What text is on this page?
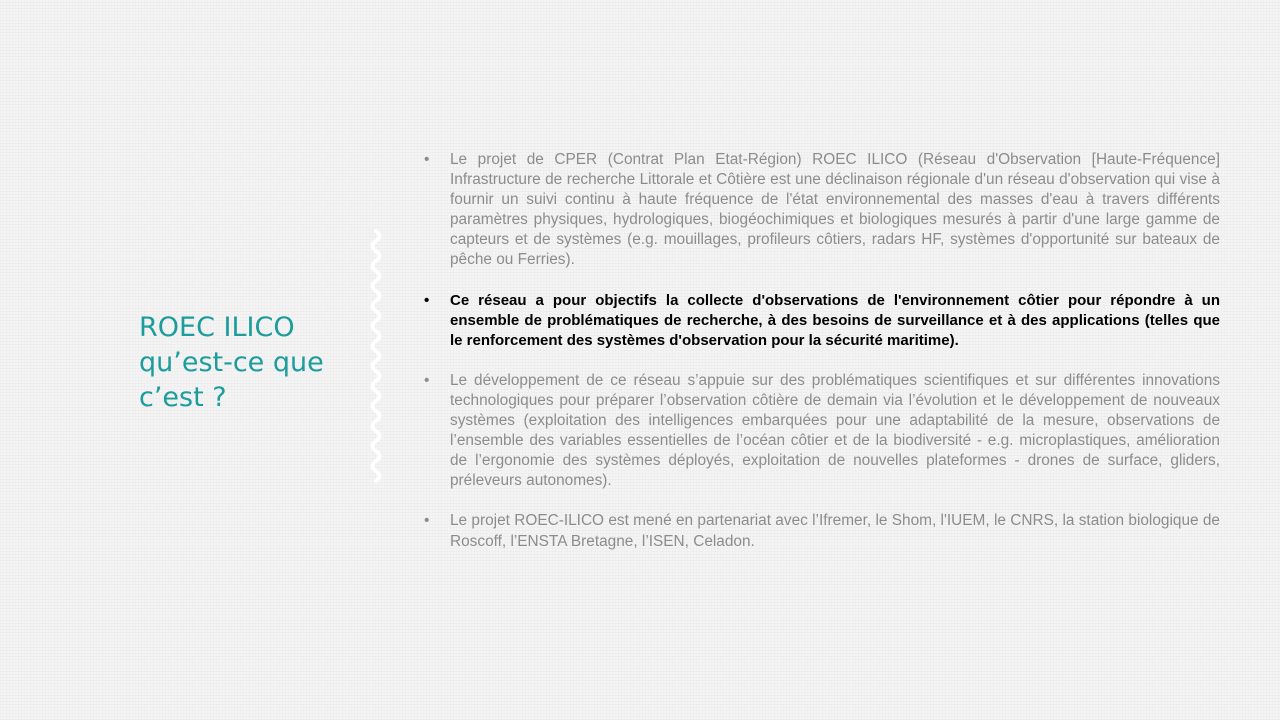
ROEC ILICO
qu’est-ce que
c’est ?
•	Le projet de CPER (Contrat Plan Etat-Région) ROEC ILICO (Réseau d'Observation [Haute-Fréquence] Infrastructure de recherche Littorale et Côtière est une déclinaison régionale d'un réseau d'observation qui vise à fournir un suivi continu à haute fréquence de l'état environnemental des masses d'eau à travers différents paramètres physiques, hydrologiques, biogéochimiques et biologiques mesurés à partir d'une large gamme de capteurs et de systèmes (e.g. mouillages, profileurs côtiers, radars HF, systèmes d'opportunité sur bateaux de pêche ou Ferries).
•	Ce réseau a pour objectifs la collecte d'observations de l'environnement côtier pour répondre à un ensemble de problématiques de recherche, à des besoins de surveillance et à des applications (telles que le renforcement des systèmes d'observation pour la sécurité maritime).
•	Le développement de ce réseau s’appuie sur des problématiques scientifiques et sur différentes innovations technologiques pour préparer l’observation côtière de demain via l’évolution et le développement de nouveaux systèmes (exploitation des intelligences embarquées pour une adaptabilité de la mesure, observations de l’ensemble des variables essentielles de l’océan côtier et de la biodiversité - e.g. microplastiques, amélioration de l’ergonomie des systèmes déployés, exploitation de nouvelles plateformes - drones de surface, gliders, préleveurs autonomes).
•	Le projet ROEC-ILICO est mené en partenariat avec l’Ifremer, le Shom, l'IUEM, le CNRS, la station biologique de Roscoff, l’ENSTA Bretagne, l’ISEN, Celadon.
